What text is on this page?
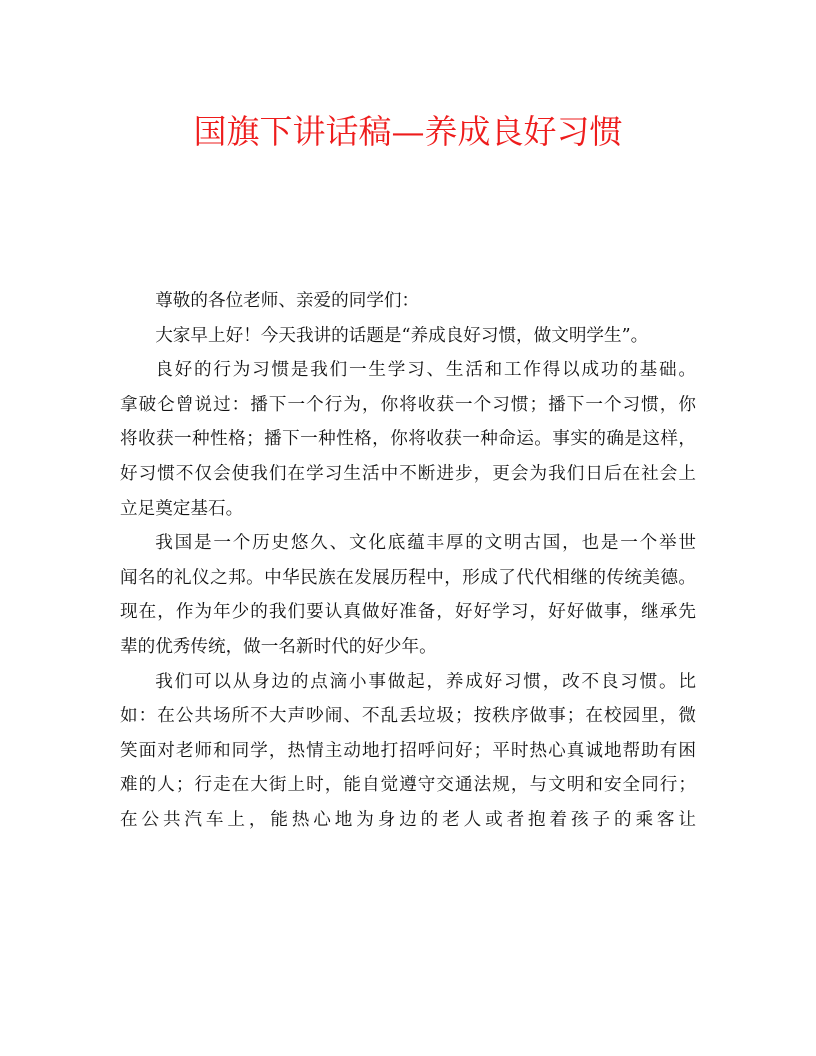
国旗下讲话稿—养成良好习惯

尊敬的各位老师、亲爱的同学们：

大家早上好！今天我讲的话题是“养成良好习惯，做文明学生”。

良好的行为习惯是我们一生学习、生活和工作得以成功的基础。
拿破仑曾说过：播下一个行为，你将收获一个习惯；播下一个习惯，你
将收获一种性格；播下一种性格，你将收获一种命运。事实的确是这样，
好习惯不仅会使我们在学习生活中不断进步，更会为我们日后在社会上
立足奠定基石。

我国是一个历史悠久、文化底蕴丰厚的文明古国，也是一个举世
闻名的礼仪之邦。中华民族在发展历程中，形成了代代相继的传统美德。
现在，作为年少的我们要认真做好准备，好好学习，好好做事，继承先
辈的优秀传统，做一名新时代的好少年。

我们可以从身边的点滴小事做起，养成好习惯，改不良习惯。比
如：在公共场所不大声吵闹、不乱丢垃圾；按秩序做事；在校园里，微
笑面对老师和同学，热情主动地打招呼问好；平时热心真诚地帮助有困
难的人；行走在大街上时，能自觉遵守交通法规，与文明和安全同行；
在公共汽车上，能热心地为身边的老人或者抱着孩子的乘客让
